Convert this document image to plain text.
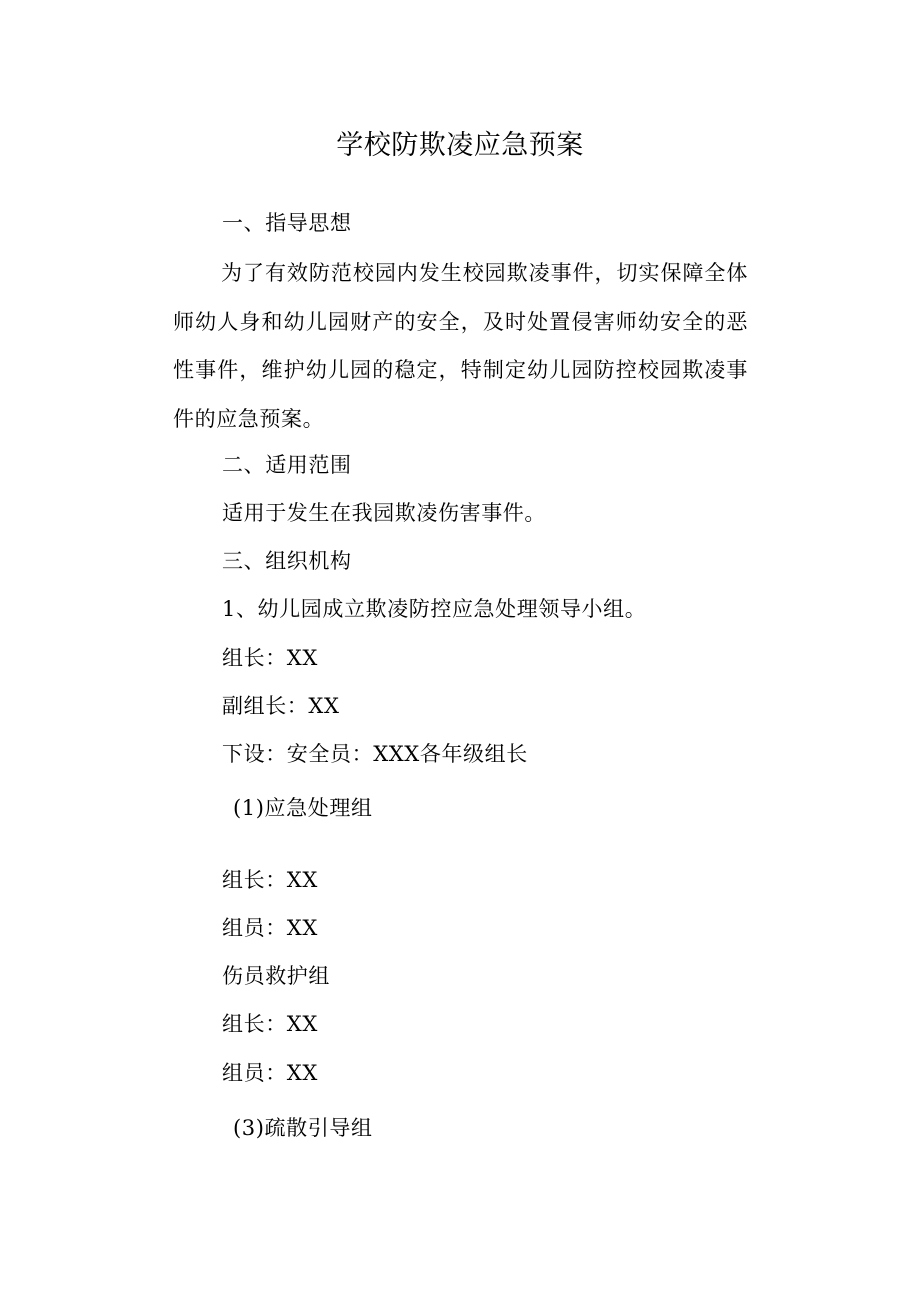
学校防欺凌应急预案
一、指导思想
为了有效防范校园内发生校园欺凌事件，切实保障全体师幼人身和幼儿园财产的安全，及时处置侵害师幼安全的恶性事件，维护幼儿园的稳定，特制定幼儿园防控校园欺凌事件的应急预案。
二、适用范围
适用于发生在我园欺凌伤害事件。
三、组织机构
1、幼儿园成立欺凌防控应急处理领导小组。
组长：XX
副组长：XX
下设：安全员：XXX各年级组长
(1)应急处理组
组长：XX
组员：XX
伤员救护组
组长：XX
组员：XX
(3)疏散引导组
